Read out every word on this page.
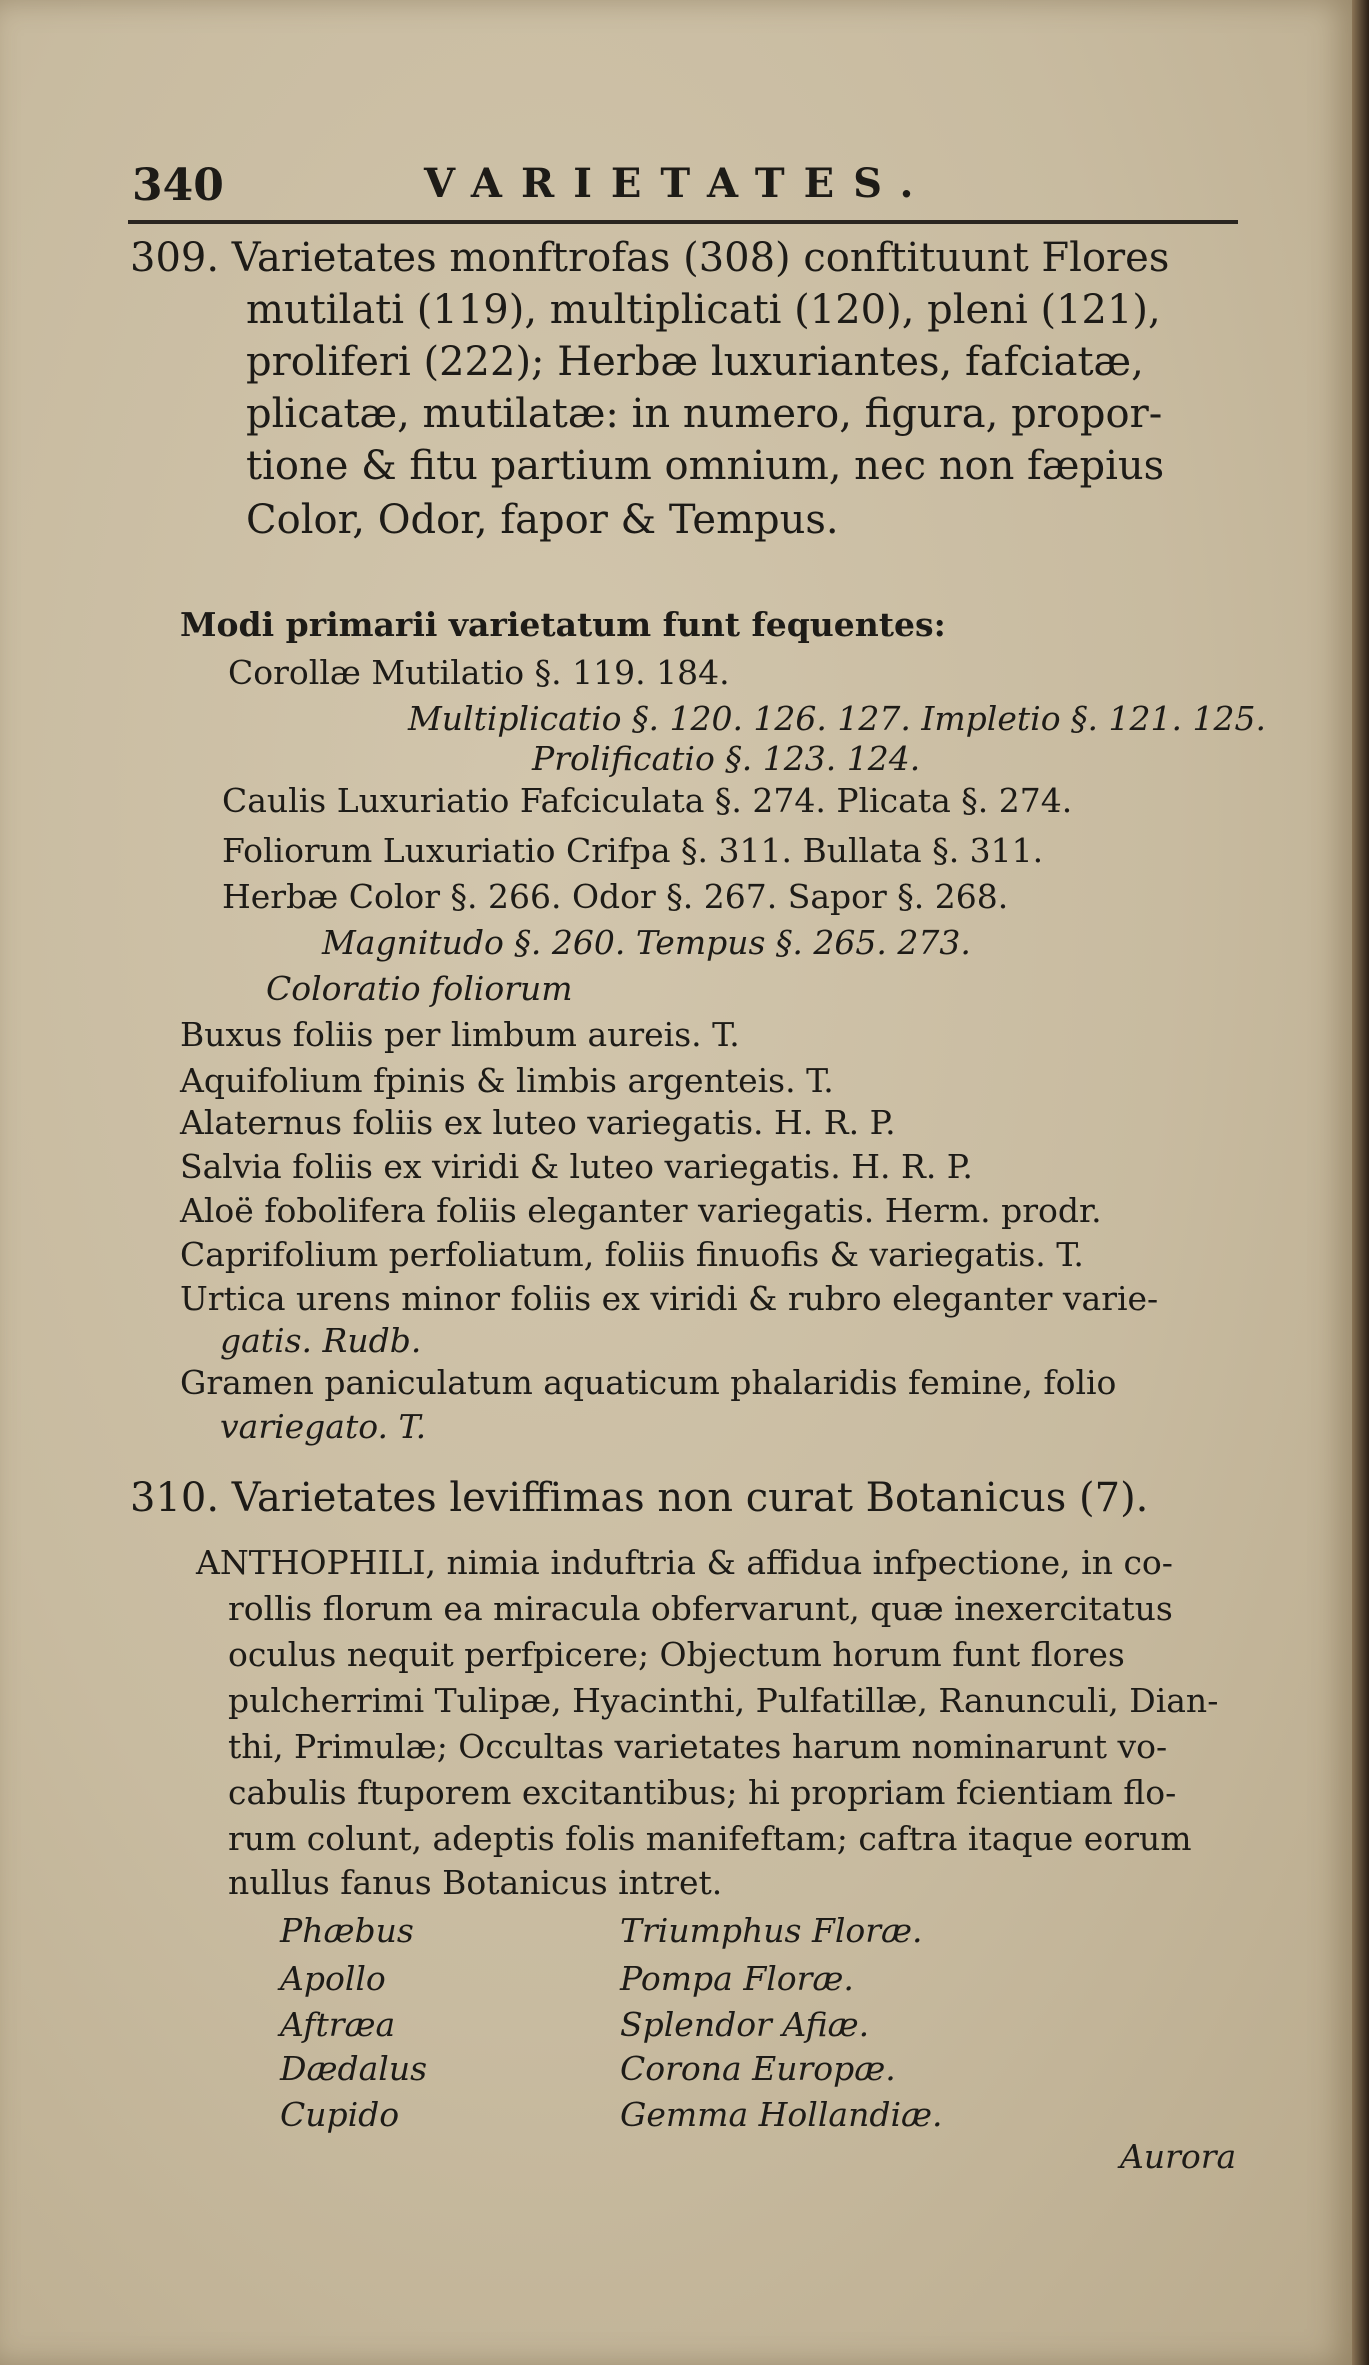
340	VARIETATES.
309. Varietates monftrofas (308) conftituunt Flores
mutilati (119), multiplicati (120), pleni (121),
proliferi (222); Herbæ luxuriantes, fafciatæ,
plicatæ, mutilatæ: in numero, figura, propor-
tione & fitu partium omnium, nec non fæpius
Color, Odor, fapor & Tempus.
Modi primarii varietatum funt fequentes:
Corollæ Mutilatio §. 119. 184.
Multiplicatio §. 120. 126. 127. Impletio §. 121. 125.
Prolificatio §. 123. 124.
Caulis Luxuriatio Fafciculata §. 274. Plicata §. 274.
Foliorum Luxuriatio Crifpa §. 311. Bullata §. 311.
Herbæ Color §. 266. Odor §. 267. Sapor §. 268.
Magnitudo §. 260. Tempus §. 265. 273.
Coloratio foliorum
Buxus foliis per limbum aureis. T.
Aquifolium fpinis & limbis argenteis. T.
Alaternus foliis ex luteo variegatis. H. R. P.
Salvia foliis ex viridi & luteo variegatis. H. R. P.
Aloë fobolifera foliis eleganter variegatis. Herm. prodr.
Caprifolium perfoliatum, foliis finuofis & variegatis. T.
Urtica urens minor foliis ex viridi & rubro eleganter varie-
gatis. Rudb.
Gramen paniculatum aquaticum phalaridis femine, folio
variegato. T.
310. Varietates leviffimas non curat Botanicus (7).
ANTHOPHILI, nimia induftria & affidua infpectione, in co-
rollis florum ea miracula obfervarunt, quæ inexercitatus
oculus nequit perfpicere; Objectum horum funt flores
pulcherrimi Tulipæ, Hyacinthi, Pulfatillæ, Ranunculi, Dian-
thi, Primulæ; Occultas varietates harum nominarunt vo-
cabulis ftuporem excitantibus; hi propriam fcientiam flo-
rum colunt, adeptis folis manifeftam; caftra itaque eorum
nullus fanus Botanicus intret.
Phæbus
Apollo
Aftræa
Dædalus
Cupido
Triumphus Floræ.
Pompa Floræ.
Splendor Afiæ.
Corona Europæ.
Gemma Hollandiæ.
Aurora
